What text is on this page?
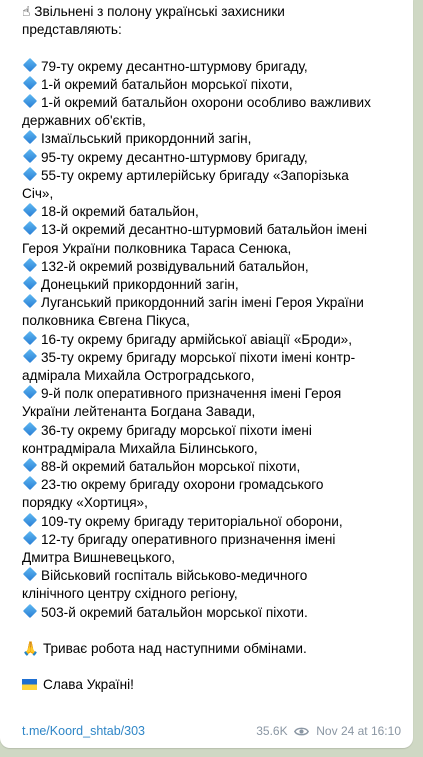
☝ Звільнені з полону українські захисники
представляють:
79-ту окрему десантно-штурмову бригаду,
1-й окремий батальйон морської піхоти,
1-й окремий батальйон охорони особливо важливих
державних об'єктів,
Ізмаїльський прикордонний загін,
95-ту окрему десантно-штурмову бригаду,
55-ту окрему артилерійську бригаду «Запорізька
Січ»,
18-й окремий батальйон,
13-й окремий десантно-штурмовий батальйон імені
Героя України полковника Тараса Сенюка,
132-й окремий розвідувальний батальйон,
Донецький прикордонний загін,
Луганський прикордонний загін імені Героя України
полковника Євгена Пікуса,
16-ту окрему бригаду армійської авіації «Броди»,
35-ту окрему бригаду морської піхоти імені контр-
адмірала Михайла Остроградського,
9-й полк оперативного призначення імені Героя
України лейтенанта Богдана Завади,
36-ту окрему бригаду морської піхоти імені
контрадмірала Михайла Білинського,
88-й окремий батальйон морської піхоти,
23-тю окрему бригаду охорони громадського
порядку «Хортиця»,
109-ту окрему бригаду територіальної оборони,
12-ту бригаду оперативного призначення імені
Дмитра Вишневецького,
Військовий госпіталь військово-медичного
клінічного центру східного регіону,
503-й окремий батальйон морської піхоти.
🙏 Триває робота над наступними обмінами.
Слава Україні!
t.me/Koord_shtab/303	35.6K Nov 24 at 16:10
